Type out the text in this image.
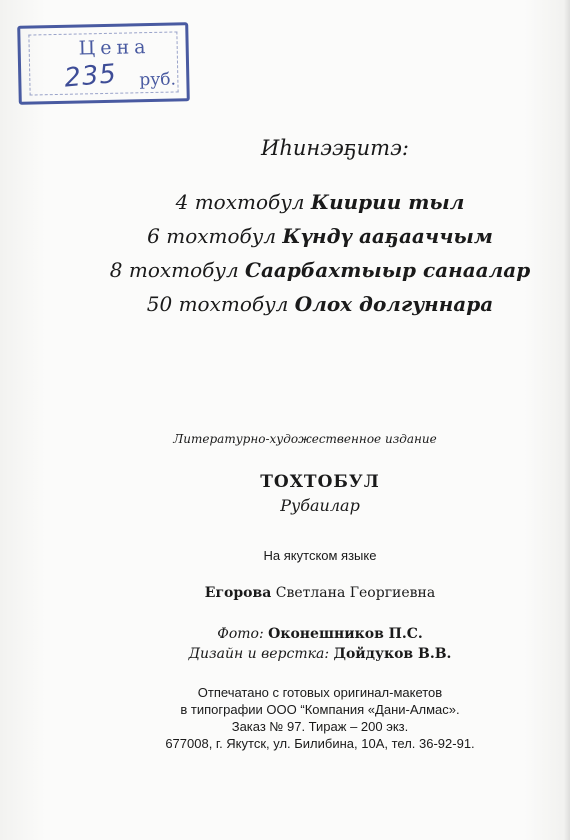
Цена
235 руб.
Иһинээҕитэ:
4 тохтобул Киирии тыл
6 тохтобул Күндү ааҕааччым
8 тохтобул Саарбахтыыр санаалар
50 тохтобул Олох долгуннара
Литературно-художественное издание
ТОХТОБУЛ
Рубаилар
На якутском языке
Егорова Светлана Георгиевна
Фото: Оконешников П.С.
Дизайн и верстка: Дойдуков В.В.
Отпечатано с готовых оригинал-макетов
в типографии ООО “Компания «Дани-Алмас».
Заказ № 97. Тираж – 200 экз.
677008, г. Якутск, ул. Билибина, 10А, тел. 36-92-91.
